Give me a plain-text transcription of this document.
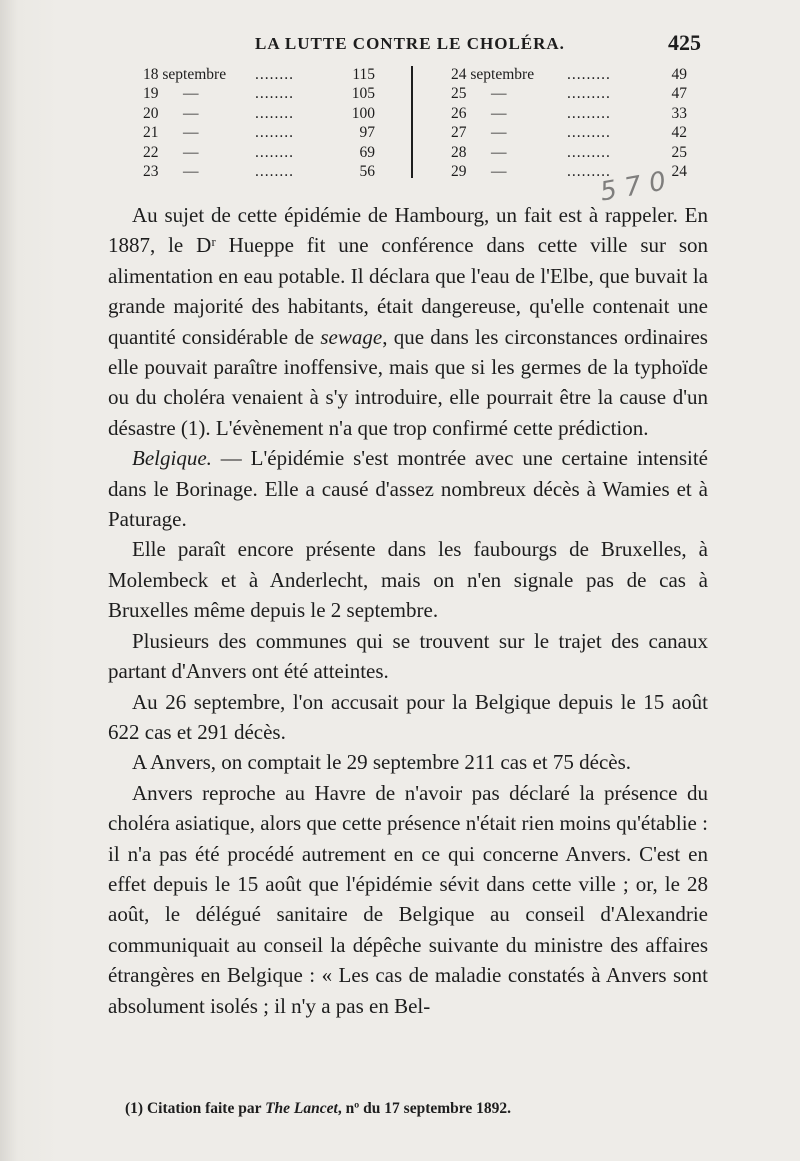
LA LUTTE CONTRE LE CHOLÉRA.	425
18 septembre ........	115
19 —	........	105
20 —	........	100
21 —	........	97
22 —	........	69
23 —	........	56
24 septembre .........	49
25 —	.........	47
26 —	.........	33
27 —	.........	42
28 —	.........	25
29 —	.........	24
5 7 0

Au sujet de cette épidémie de Hambourg, un fait est à rappeler. En 1887, le Dʳ Hueppe fit une conférence dans cette ville sur son alimentation en eau potable. Il déclara que l'eau de l'Elbe, que buvait la grande majorité des habitants, était dangereuse, qu'elle contenait une quantité considérable de sewage, que dans les circonstances ordinaires elle pouvait paraître inoffensive, mais que si les germes de la typhoïde ou du choléra venaient à s'y introduire, elle pourrait être la cause d'un désastre (1). L'évènement n'a que trop confirmé cette prédiction.

Belgique. — L'épidémie s'est montrée avec une certaine intensité dans le Borinage. Elle a causé d'assez nombreux décès à Wamies et à Paturage.

Elle paraît encore présente dans les faubourgs de Bruxelles, à Molembeck et à Anderlecht, mais on n'en signale pas de cas à Bruxelles même depuis le 2 septembre.

Plusieurs des communes qui se trouvent sur le trajet des canaux partant d'Anvers ont été atteintes.

Au 26 septembre, l'on accusait pour la Belgique depuis le 15 août 622 cas et 291 décès.

A Anvers, on comptait le 29 septembre 211 cas et 75 décès.

Anvers reproche au Havre de n'avoir pas déclaré la présence du choléra asiatique, alors que cette présence n'était rien moins qu'établie : il n'a pas été procédé autrement en ce qui concerne Anvers. C'est en effet depuis le 15 août que l'épidémie sévit dans cette ville ; or, le 28 août, le délégué sanitaire de Belgique au conseil d'Alexandrie communiquait au conseil la dépêche suivante du ministre des affaires étrangères en Belgique : « Les cas de maladie constatés à Anvers sont absolument isolés ; il n'y a pas en Bel-

(1) Citation faite par The Lancet, nº du 17 septembre 1892.
